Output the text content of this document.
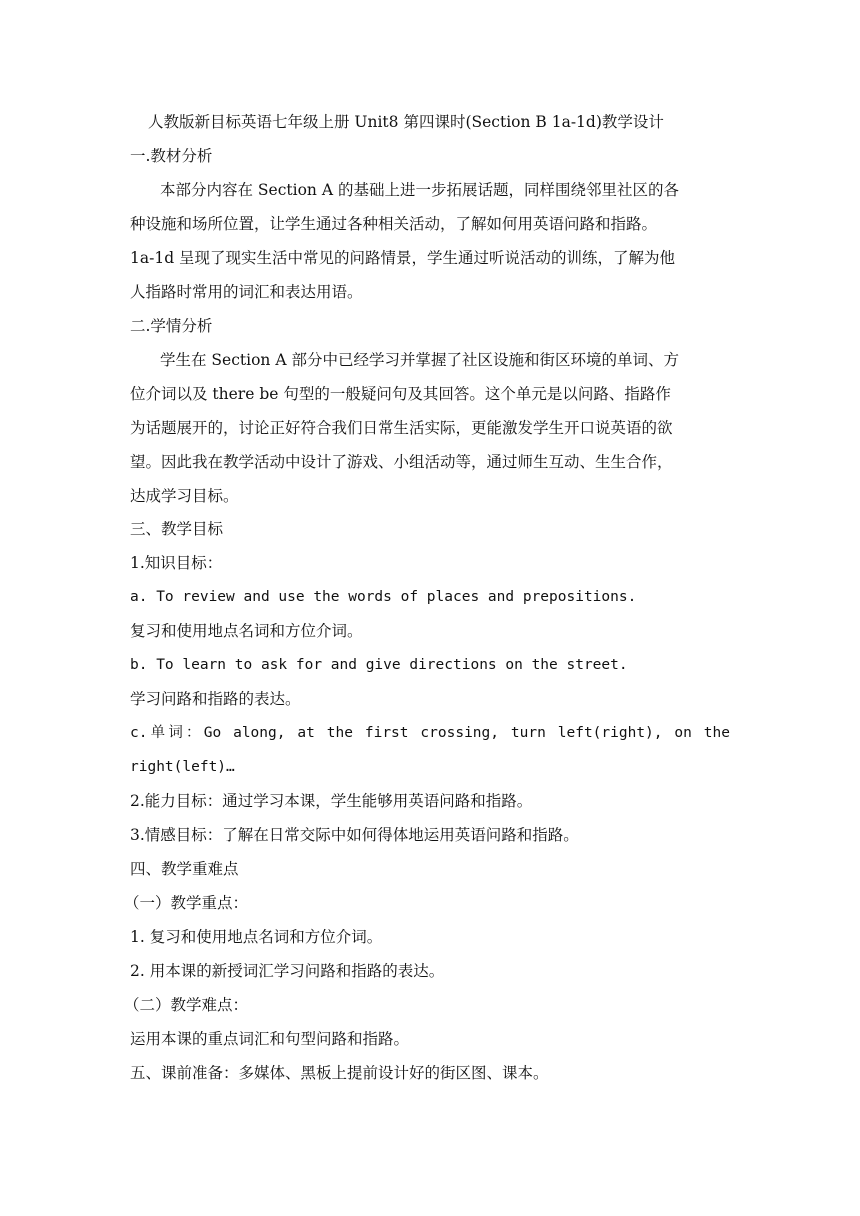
人教版新目标英语七年级上册 Unit8 第四课时(Section B 1a-1d)教学设计
一.教材分析
本部分内容在 Section A 的基础上进一步拓展话题，同样围绕邻里社区的各
种设施和场所位置，让学生通过各种相关活动，了解如何用英语问路和指路。
1a-1d 呈现了现实生活中常见的问路情景，学生通过听说活动的训练，了解为他
人指路时常用的词汇和表达用语。
二.学情分析
学生在 Section A 部分中已经学习并掌握了社区设施和街区环境的单词、方
位介词以及 there be 句型的一般疑问句及其回答。这个单元是以问路、指路作
为话题展开的，讨论正好符合我们日常生活实际，更能激发学生开口说英语的欲
望。因此我在教学活动中设计了游戏、小组活动等，通过师生互动、生生合作，
达成学习目标。
三、教学目标
1.知识目标：
a. To review and use the words of places and prepositions.
复习和使用地点名词和方位介词。
b. To learn to ask for and give directions on the street.
学习问路和指路的表达。
c.单词：Go along, at the first crossing, turn left(right), on the
right(left)…
2.能力目标：通过学习本课，学生能够用英语问路和指路。
3.情感目标：了解在日常交际中如何得体地运用英语问路和指路。
四、教学重难点
（一）教学重点：
1. 复习和使用地点名词和方位介词。
2. 用本课的新授词汇学习问路和指路的表达。
（二）教学难点：
运用本课的重点词汇和句型问路和指路。
五、课前准备：多媒体、黑板上提前设计好的街区图、课本。
